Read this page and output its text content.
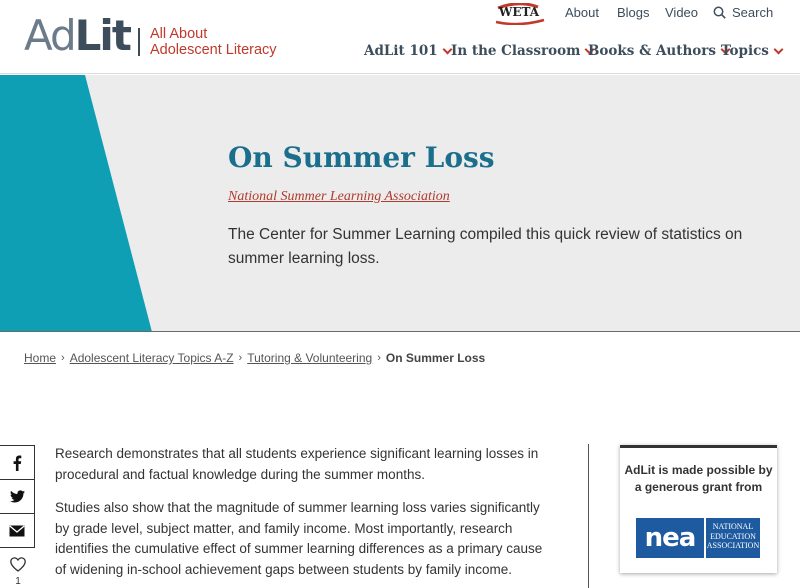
AdLit All About
Adolescent Literacy
WETA	About Blogs Video	Search
AdLit 101 In the Classroom Books & Authors Topics
On Summer Loss
National Summer Learning Association
The Center for Summer Learning compiled this quick review of statistics on summer learning loss.
Home › Adolescent Literacy Topics A-Z › Tutoring & Volunteering › On Summer Loss
1

Research demonstrates that all students experience significant learning losses in procedural and factual knowledge during the summer months.

Studies also show that the magnitude of summer learning loss varies significantly by grade level, subject matter, and family income. Most importantly, research identifies the cumulative effect of summer learning differences as a primary cause of widening in-school achievement gaps between students by family income.

AdLit is made possible by a generous grant from
nea	NATIONAL
EDUCATION
ASSOCIATION
